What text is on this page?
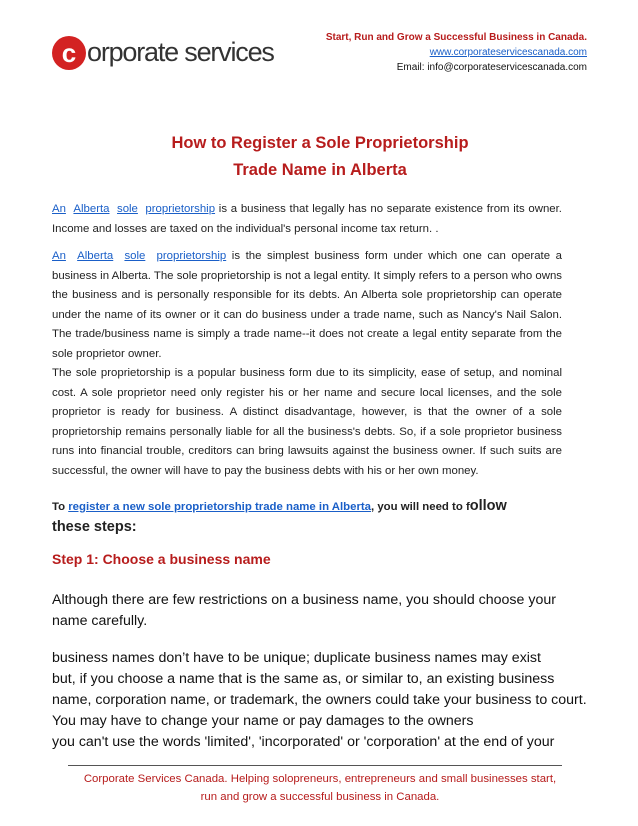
c orporate services	Start, Run and Grow a Successful Business in Canada.
www.corporateservicescanada.com
Email: info@corporateservicescanada.com
How to Register a Sole Proprietorship
Trade Name in Alberta
An Alberta sole proprietorship is a business that legally has no separate existence from its owner. Income and losses are taxed on the individual's personal income tax return. .
An Alberta sole proprietorship is the simplest business form under which one can operate a business in Alberta. The sole proprietorship is not a legal entity. It simply refers to a person who owns the business and is personally responsible for its debts. An Alberta sole proprietorship can operate under the name of its owner or it can do business under a trade name, such as Nancy's Nail Salon. The trade/business name is simply a trade name--it does not create a legal entity separate from the sole proprietor owner.
The sole proprietorship is a popular business form due to its simplicity, ease of setup, and nominal cost. A sole proprietor need only register his or her name and secure local licenses, and the sole proprietor is ready for business. A distinct disadvantage, however, is that the owner of a sole proprietorship remains personally liable for all the business's debts. So, if a sole proprietor business runs into financial trouble, creditors can bring lawsuits against the business owner. If such suits are successful, the owner will have to pay the business debts with his or her own money.
To register a new sole proprietorship trade name in Alberta, you will need to follow
these steps:
Step 1: Choose a business name
Although there are few restrictions on a business name, you should choose your
name carefully.
business names don’t have to be unique; duplicate business names may exist
but, if you choose a name that is the same as, or similar to, an existing business
name, corporation name, or trademark, the owners could take your business to court.
You may have to change your name or pay damages to the owners
you can't use the words 'limited', 'incorporated' or 'corporation' at the end of your
Corporate Services Canada. Helping solopreneurs, entrepreneurs and small businesses start,
run and grow a successful business in Canada.
